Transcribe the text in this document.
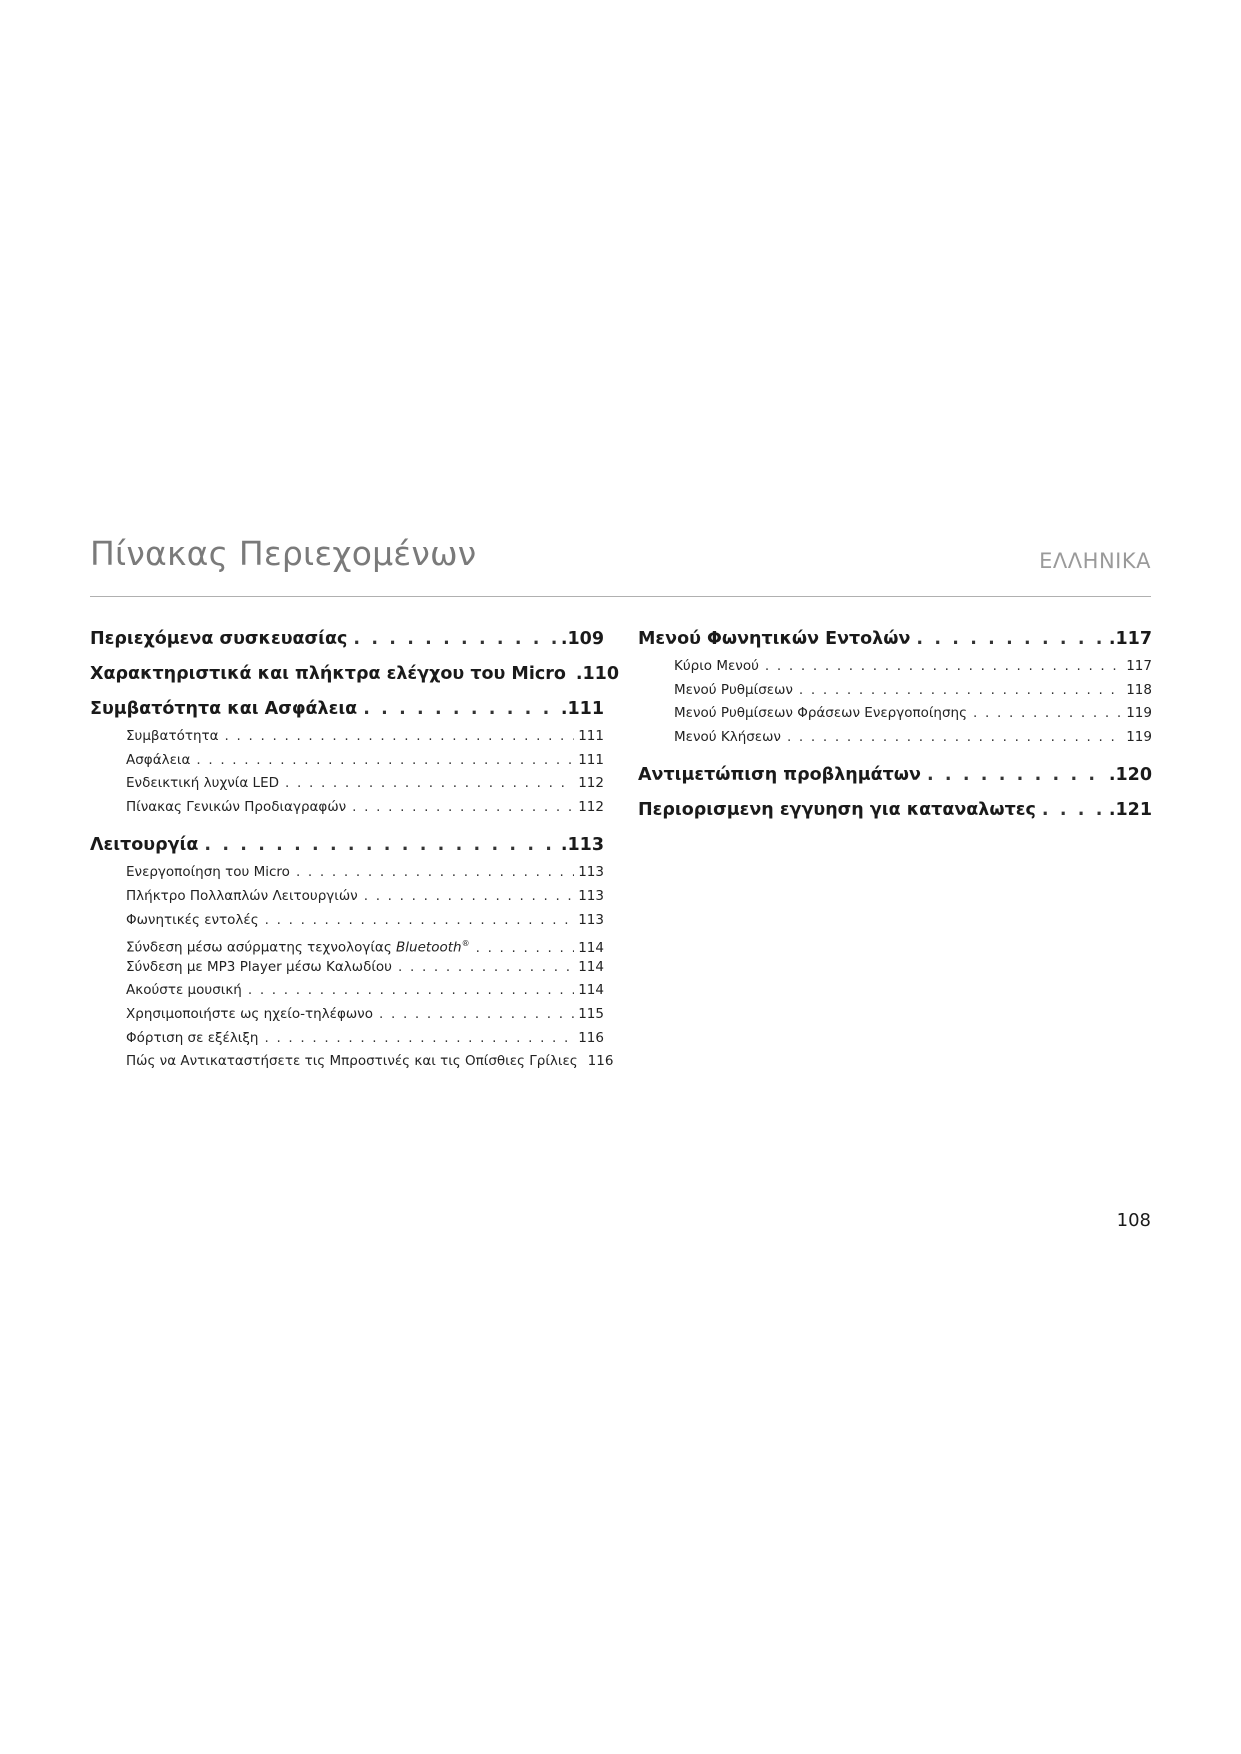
Πίνακας Περιεχομένων	ΕΛΛΗΝΙΚΑ
Περιεχόμενα συσκευασίας . . .	.109
Χαρακτηριστικά και πλήκτρα ελέγχου του Micro .110
Συμβατότητα και Ασφάλεια . . .	.111
Συμβατότητα . . .	111
Ασφάλεια . . .	111
Ενδεικτική λυχνία LED . . .	112
Πίνακας Γενικών Προδιαγραφών . . .	112
Λειτουργία . . .	.113
Ενεργοποίηση του Micro . . .	113
Πλήκτρο Πολλαπλών Λειτουργιών . . .	113
Φωνητικές εντολές . . .	113
Σύνδεση μέσω ασύρματης τεχνολογίας Bluetooth® . . .	114
Σύνδεση με MP3 Player μέσω Καλωδίου . . .	114
Ακούστε μουσική . . .	114
Χρησιμοποιήστε ως ηχείο-τηλέφωνο . . .	115
Φόρτιση σε εξέλιξη . . .	116
Πώς να Αντικαταστήσετε τις Μπροστινές και τις Οπίσθιες Γρίλιες 116
Μενού Φωνητικών Εντολών . . .	.117
Κύριο Μενού . . .	117
Μενού Ρυθμίσεων . . .	118
Μενού Ρυθμίσεων Φράσεων Ενεργοποίησης . . .	119
Μενού Κλήσεων . . .	119
Αντιμετώπιση προβλημάτων . . .	.120
Περιορισμενη εγγυηση για καταναλωτες . . .	.121
108
